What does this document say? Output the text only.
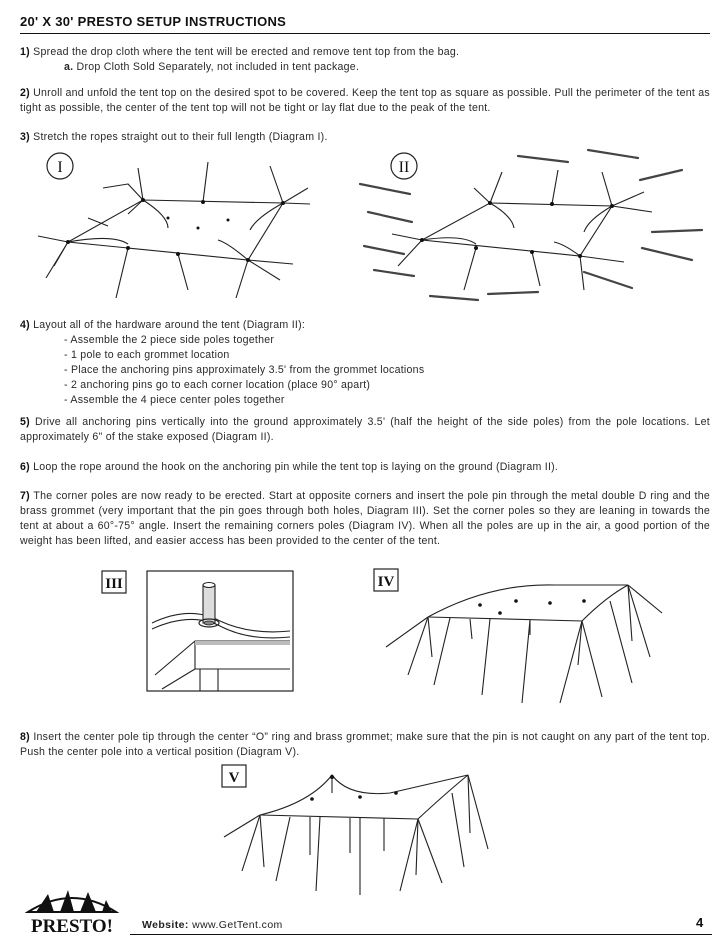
20' X 30' PRESTO SETUP INSTRUCTIONS
1) Spread the drop cloth where the tent will be erected and remove tent top from the bag.
a. Drop Cloth Sold Separately, not included in tent package.
2) Unroll and unfold the tent top on the desired spot to be covered. Keep the tent top as square as possible. Pull the perimeter of the tent as tight as possible, the center of the tent top will not be tight or lay flat due to the peak of the tent.
3) Stretch the ropes straight out to their full length (Diagram I).
I	II
4) Layout all of the hardware around the tent (Diagram II):
- Assemble the 2 piece side poles together
- 1 pole to each grommet location
- Place the anchoring pins approximately 3.5' from the grommet locations
- 2 anchoring pins go to each corner location (place 90° apart)
- Assemble the 4 piece center poles together
5) Drive all anchoring pins vertically into the ground approximately 3.5' (half the height of the side poles) from the pole locations. Let approximately 6" of the stake exposed (Diagram II).
6) Loop the rope around the hook on the anchoring pin while the tent top is laying on the ground (Diagram II).
7) The corner poles are now ready to be erected. Start at opposite corners and insert the pole pin through the metal double D ring and the brass grommet (very important that the pin goes through both holes, Diagram III). Set the corner poles so they are leaning in towards the tent at about a 60°-75° angle. Insert the remaining corners poles (Diagram IV). When all the poles are up in the air, a good portion of the weight has been lifted, and easier access has been provided to the center of the tent.
III	IV
8) Insert the center pole tip through the center “O” ring and brass grommet; make sure that the pin is not caught on any part of the tent top. Push the center pole into a vertical position (Diagram V).
V
PRESTO!	Website: www.GetTent.com	4
